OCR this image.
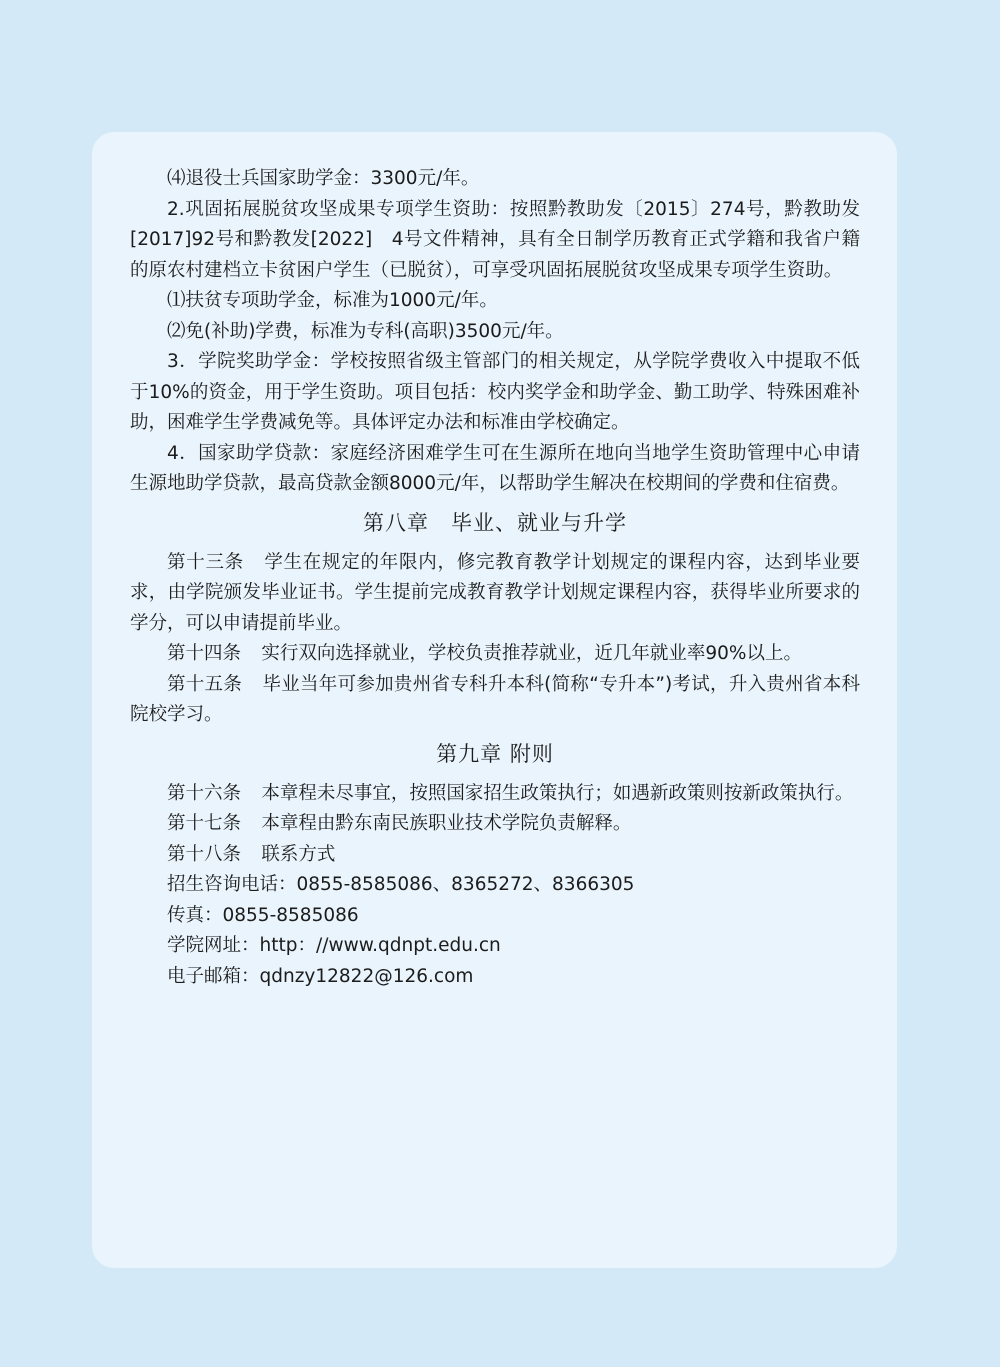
⑷退役士兵国家助学金：3300元/年。

2.巩固拓展脱贫攻坚成果专项学生资助：按照黔教助发〔2015〕274号，黔教助发[2017]92号和黔教发[2022]　4号文件精神，具有全日制学历教育正式学籍和我省户籍的原农村建档立卡贫困户学生（已脱贫），可享受巩固拓展脱贫攻坚成果专项学生资助。

⑴扶贫专项助学金，标准为1000元/年。

⑵免(补助)学费，标准为专科(高职)3500元/年。

3．学院奖助学金：学校按照省级主管部门的相关规定，从学院学费收入中提取不低于10%的资金，用于学生资助。项目包括：校内奖学金和助学金、勤工助学、特殊困难补助，困难学生学费减免等。具体评定办法和标准由学校确定。

4．国家助学贷款：家庭经济困难学生可在生源所在地向当地学生资助管理中心申请生源地助学贷款，最高贷款金额8000元/年，以帮助学生解决在校期间的学费和住宿费。

第八章　毕业、就业与升学

第十三条 学生在规定的年限内，修完教育教学计划规定的课程内容，达到毕业要求，由学院颁发毕业证书。学生提前完成教育教学计划规定课程内容，获得毕业所要求的学分，可以申请提前毕业。

第十四条 实行双向选择就业，学校负责推荐就业，近几年就业率90%以上。

第十五条 毕业当年可参加贵州省专科升本科(简称“专升本”)考试，升入贵州省本科院校学习。

第九章 附则

第十六条 本章程未尽事宜，按照国家招生政策执行；如遇新政策则按新政策执行。

第十七条 本章程由黔东南民族职业技术学院负责解释。

第十八条 联系方式

招生咨询电话：0855-8585086、8365272、8366305

传真：0855-8585086

学院网址：http：//www.qdnpt.edu.cn

电子邮箱：qdnzy12822@126.com
